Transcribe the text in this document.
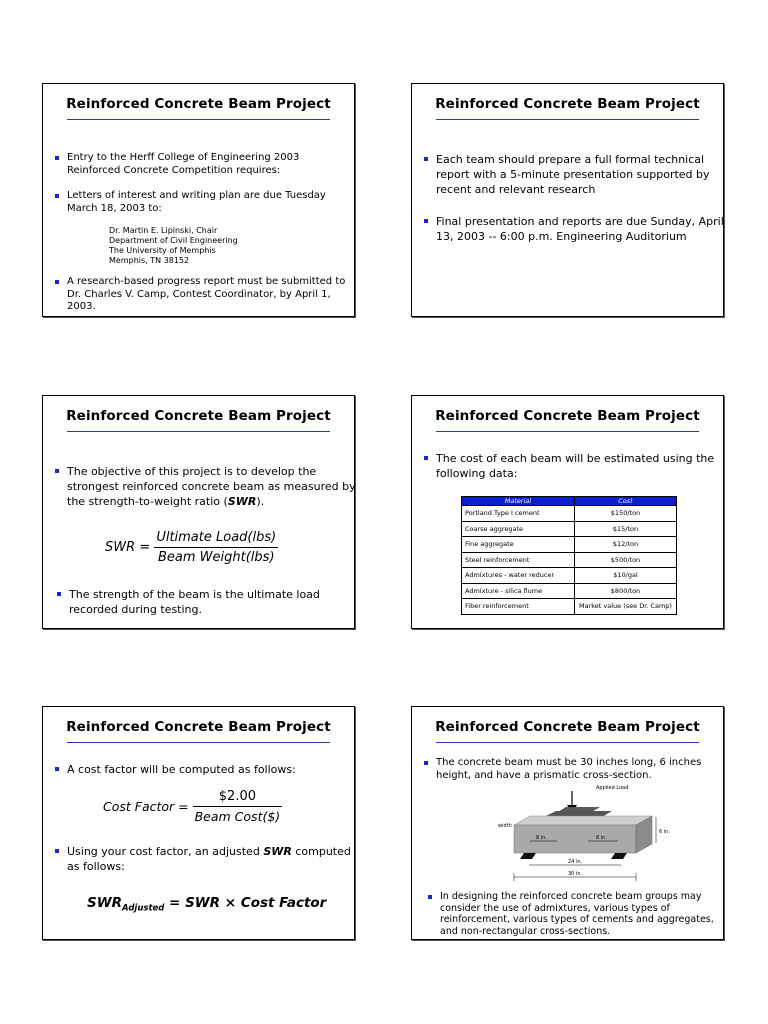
Reinforced Concrete Beam Project
Entry to the Herff College of Engineering 2003 Reinforced Concrete Competition requires:
Letters of interest and writing plan are due Tuesday March 18, 2003 to:
Dr. Martin E. Lipinski, Chair
Department of Civil Engineering
The University of Memphis
Memphis, TN 38152
A research-based progress report must be submitted to Dr. Charles V. Camp, Contest Coordinator, by April 1, 2003.
Reinforced Concrete Beam Project
Each team should prepare a full formal technical report with a 5-minute presentation supported by recent and relevant research
Final presentation and reports are due Sunday, April 13, 2003 -- 6:00 p.m. Engineering Auditorium
Reinforced Concrete Beam Project
The objective of this project is to develop the strongest reinforced concrete beam as measured by the strength-to-weight ratio (SWR).
SWR = $\frac{\text{Ultimate Load(lbs)}}{\text{Beam Weight(lbs)}}$
The strength of the beam is the ultimate load recorded during testing.
Reinforced Concrete Beam Project
The cost of each beam will be estimated using the following data:
Material	Cost
Portland Type I cement	$150/ton
Coarse aggregate	$15/ton
Fine aggregate	$12/ton
Steel reinforcement	$500/ton
Admixtures - water reducer	$10/gal
Admixture - silica flume	$800/ton
Fiber reinforcement	Market value (see Dr. Camp)
Reinforced Concrete Beam Project
A cost factor will be computed as follows:
Cost Factor = $\frac{\$2.00}{\text{Beam Cost(\$)}}$
Using your cost factor, an adjusted SWR computed as follows:
$SWR_{Adjusted}$ = SWR × Cost Factor
Reinforced Concrete Beam Project
The concrete beam must be 30 inches long, 6 inches height, and have a prismatic cross-section.
Applied Load
width
6 in.
8 in.	8 in.
24 in.
30 in.
In designing the reinforced concrete beam groups may consider the use of admixtures, various types of reinforcement, various types of cements and aggregates, and non-rectangular cross-sections.
